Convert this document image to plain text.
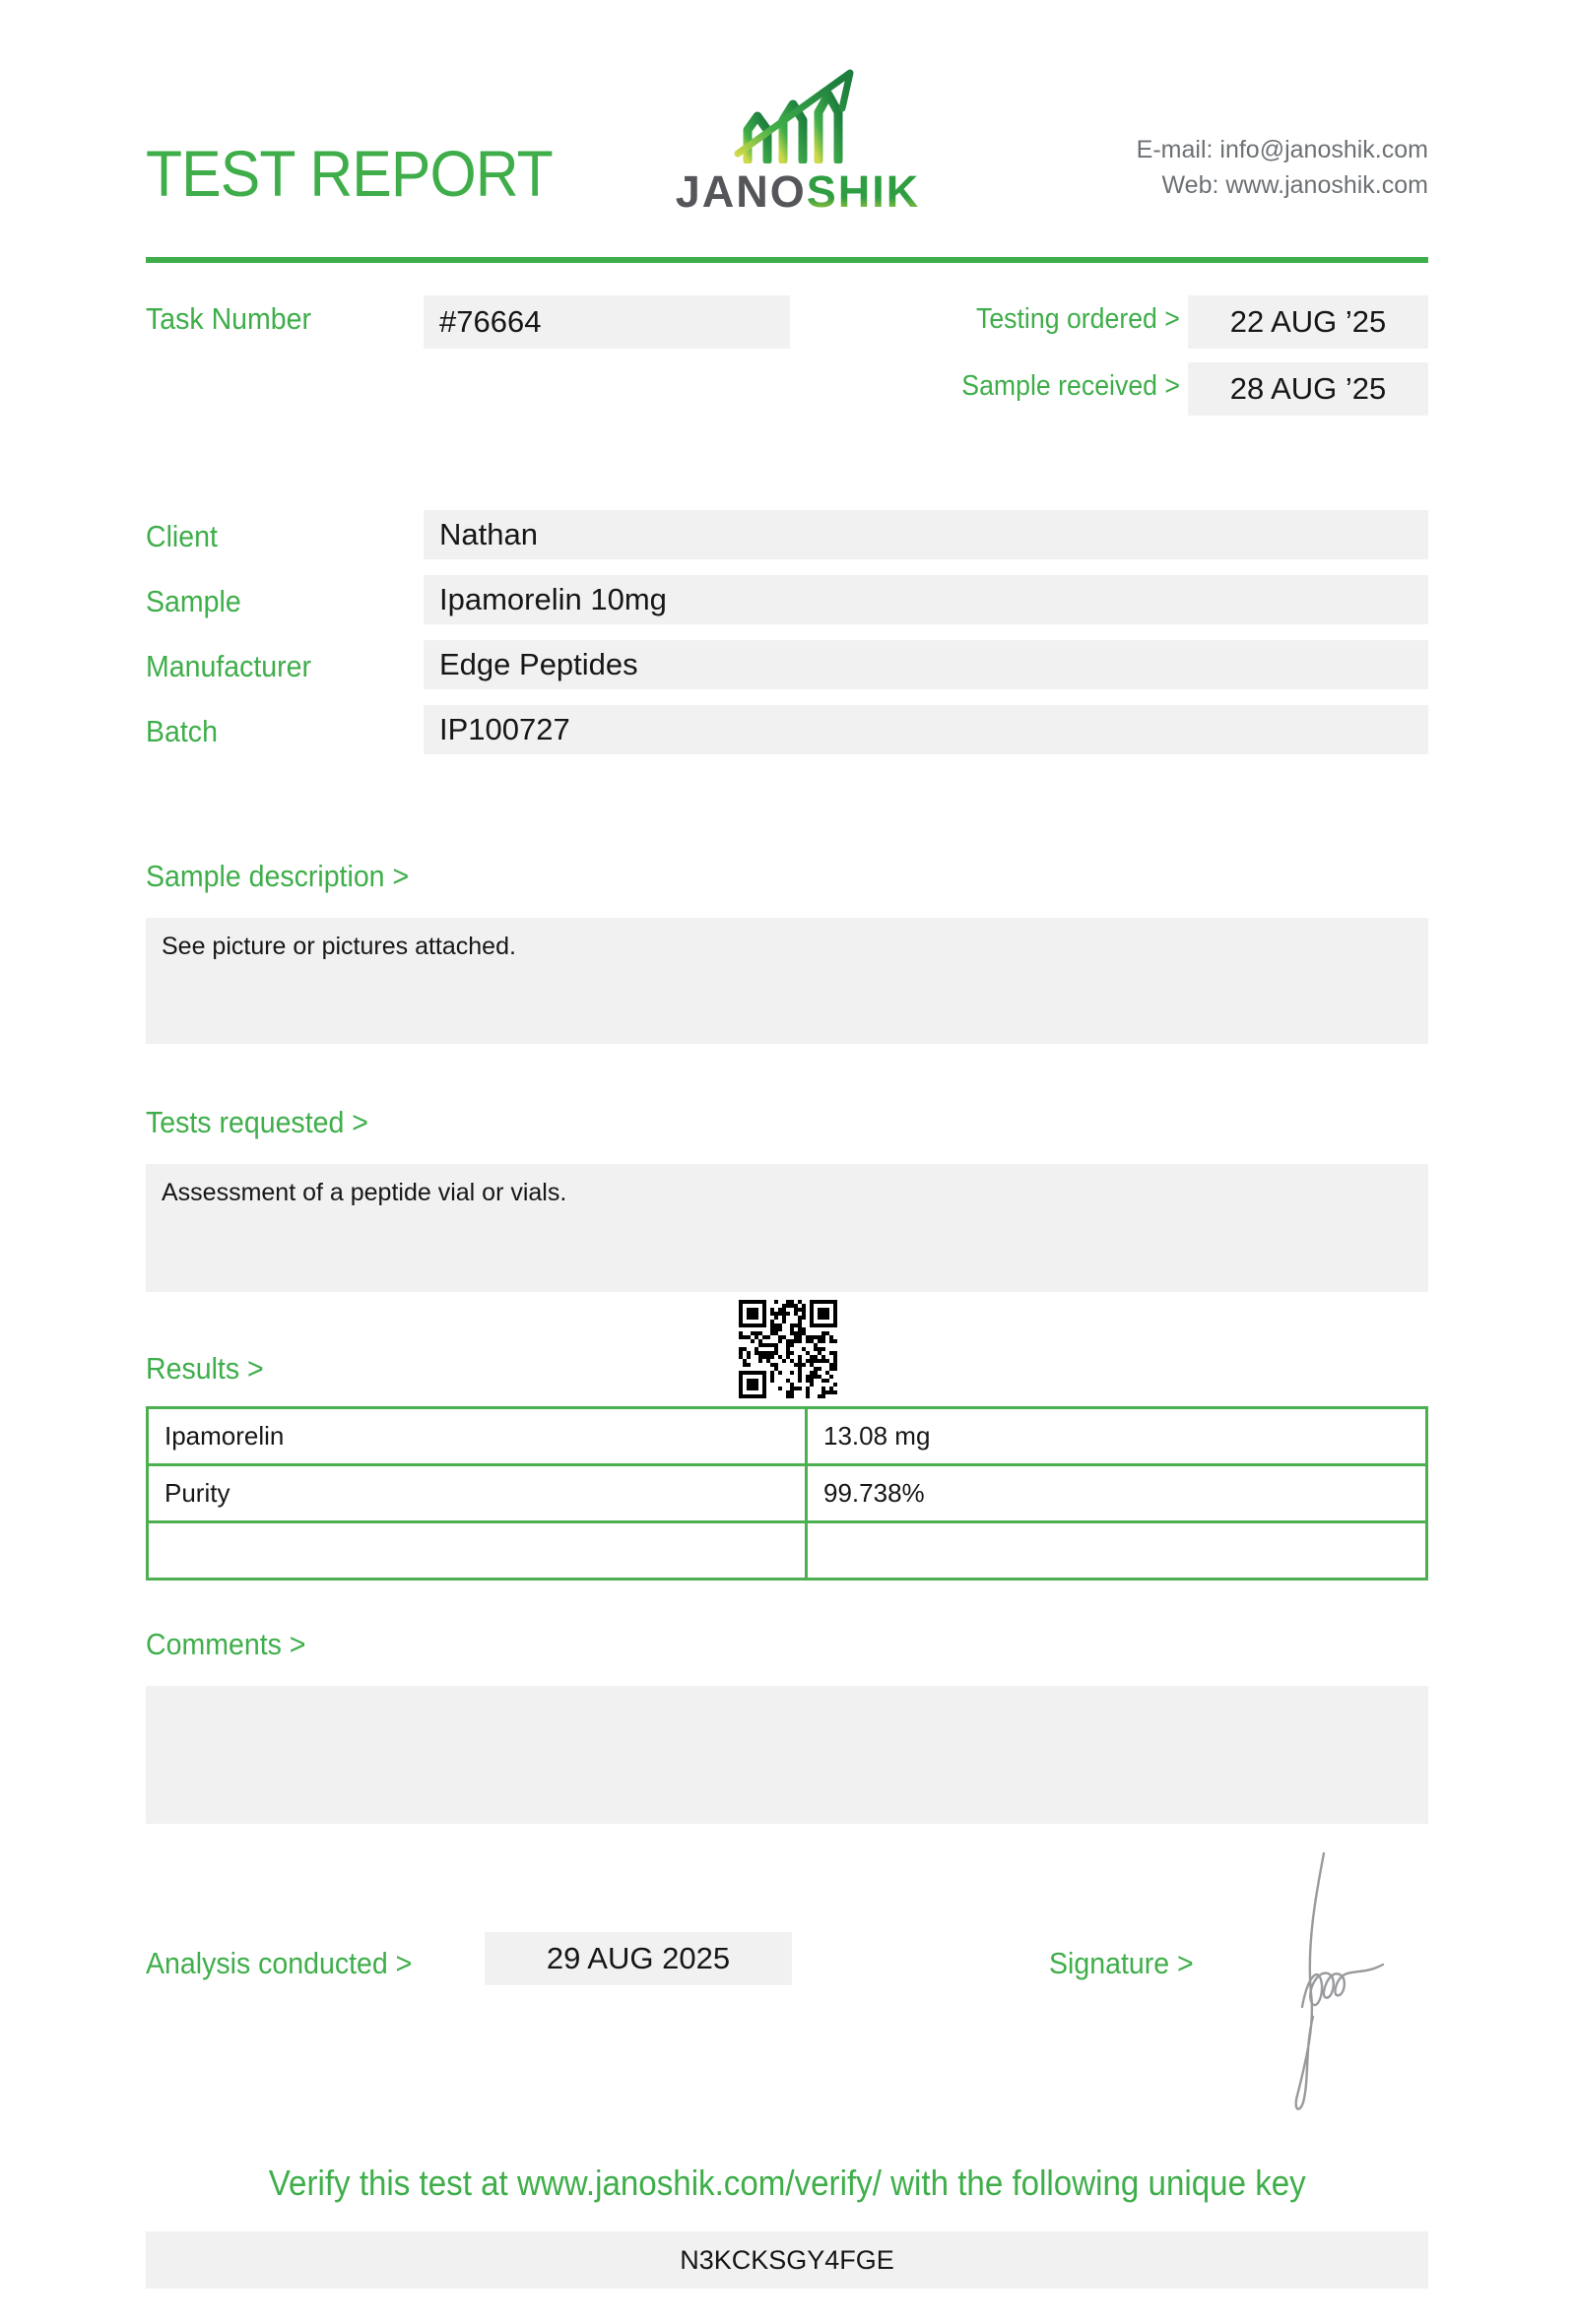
TEST REPORT	JANOSHIK
E-mail: info@janoshik.com
Web: www.janoshik.com
Task Number	#76664	Testing ordered >	22 AUG ’25
Sample received >	28 AUG ’25
Client	Nathan
Sample	Ipamorelin 10mg
Manufacturer	Edge Peptides
Batch	IP100727
Sample description >
See picture or pictures attached.
Tests requested >
Assessment of a peptide vial or vials.
Results >
Ipamorelin	13.08 mg
Purity	99.738%

Comments >
Analysis conducted >	29 AUG 2025	Signature >
Verify this test at www.janoshik.com/verify/ with the following unique key
N3KCKSGY4FGE
